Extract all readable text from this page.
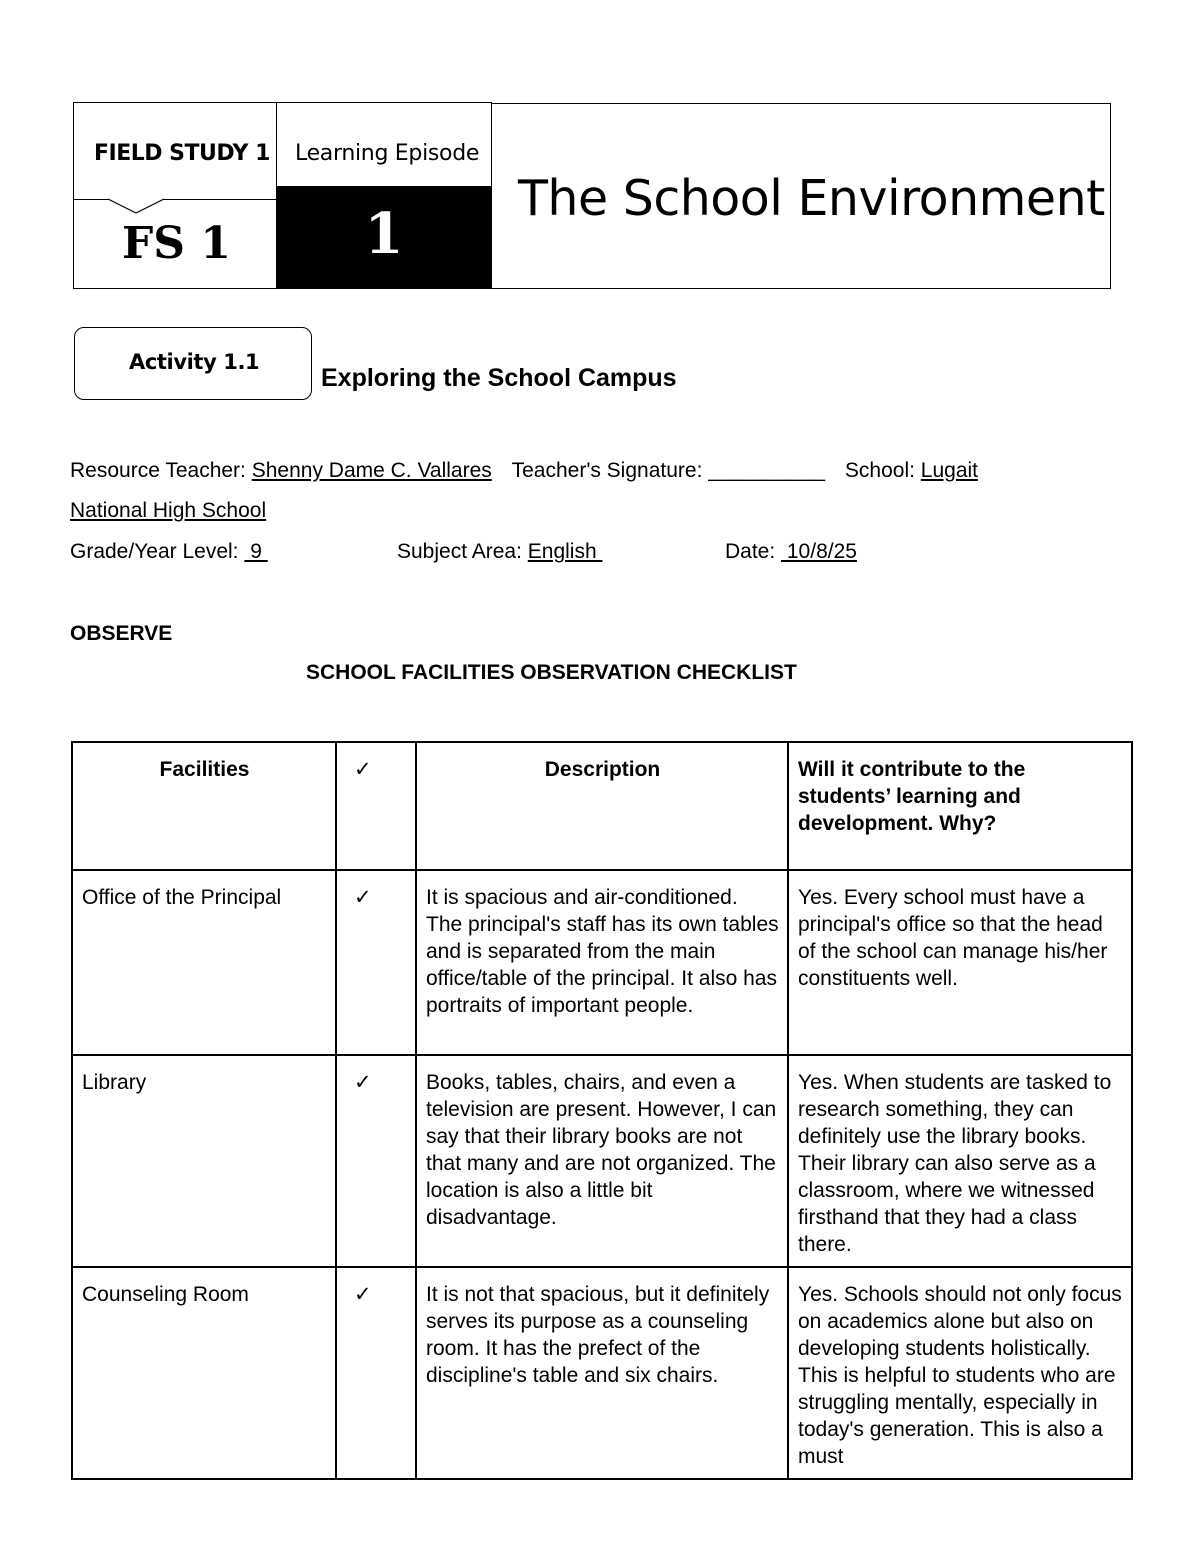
FIELD STUDY 1
FS 1
Learning Episode
1
The School Environment
Activity 1.1
Exploring the School Campus
Resource Teacher: Shenny Dame C. Vallares Teacher's Signature: __________ School: Lugait
National High School
Grade/Year Level:  9	Subject Area: English	Date:  10/8/25
OBSERVE
SCHOOL FACILITIES OBSERVATION CHECKLIST
Facilities	✓	Description	Will it contribute to the students’ learning and development. Why?
Office of the Principal	✓	It is spacious and air-conditioned. The principal's staff has its own tables and is separated from the main office/table of the principal. It also has portraits of important people.	Yes. Every school must have a principal's office so that the head of the school can manage his/her constituents well.
Library	✓	Books, tables, chairs, and even a television are present. However, I can say that their library books are not that many and are not organized. The location is also a little bit disadvantage.	Yes. When students are tasked to research something, they can definitely use the library books. Their library can also serve as a classroom, where we witnessed firsthand that they had a class there.
Counseling Room	✓	It is not that spacious, but it definitely serves its purpose as a counseling room. It has the prefect of the discipline's table and six chairs.	Yes. Schools should not only focus on academics alone but also on developing students holistically. This is helpful to students who are struggling mentally, especially in today's generation. This is also a must
